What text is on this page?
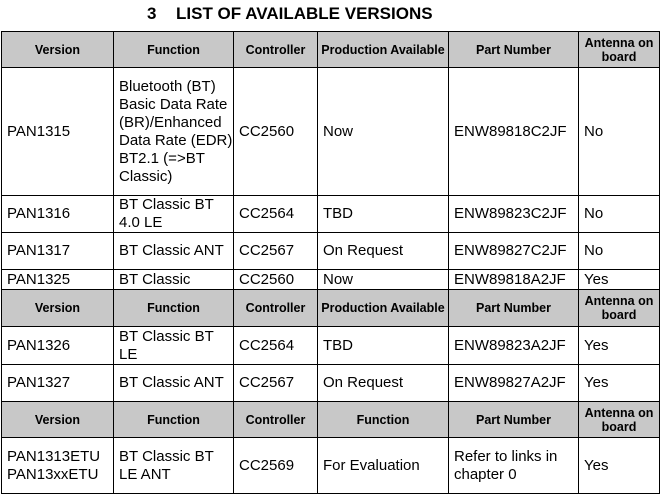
3 LIST OF AVAILABLE VERSIONS
Version	Function	Controller	Production Available	Part Number	Antenna on board
PAN1315	Bluetooth (BT) Basic Data Rate (BR)/Enhanced Data Rate (EDR) BT2.1 (=>BT Classic)	CC2560	Now	ENW89818C2JF	No
PAN1316	BT Classic BT 4.0 LE	CC2564	TBD	ENW89823C2JF	No
PAN1317	BT Classic ANT	CC2567	On Request	ENW89827C2JF	No
PAN1325	BT Classic	CC2560	Now	ENW89818A2JF	Yes
Version	Function	Controller	Production Available	Part Number	Antenna on board
PAN1326	BT Classic BT LE	CC2564	TBD	ENW89823A2JF	Yes
PAN1327	BT Classic ANT	CC2567	On Request	ENW89827A2JF	Yes
Version	Function	Controller	Function	Part Number	Antenna on board
PAN1313ETU PAN13xxETU	BT Classic BT LE ANT	CC2569	For Evaluation	Refer to links in chapter 0	Yes
